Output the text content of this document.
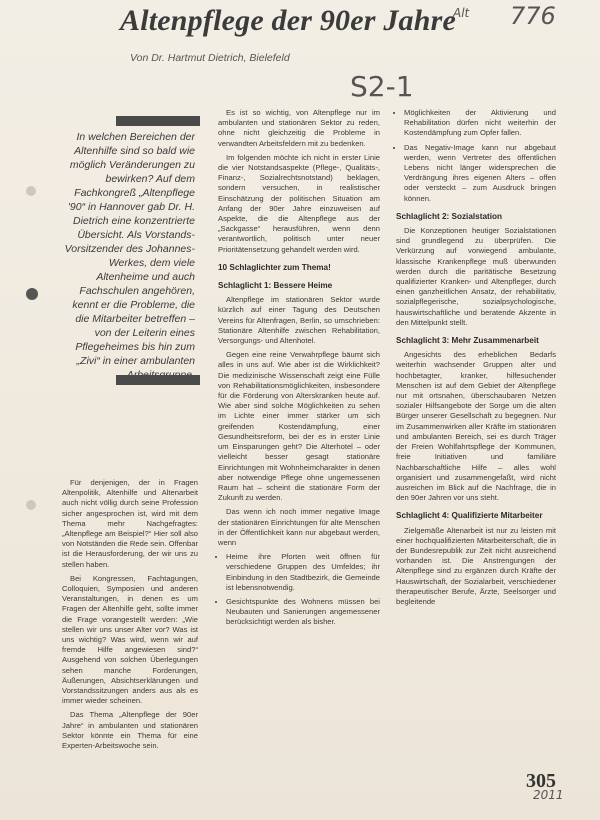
Altenpflege der 90er Jahre
Von Dr. Hartmut Dietrich, Bielefeld
Alt 776
S2-1
In welchen Bereichen der Altenhilfe sind so bald wie möglich Veränderungen zu bewirken? Auf dem Fachkongreß „Altenpflege '90“ in Hannover gab Dr. H. Dietrich eine konzentrierte Übersicht. Als Vorstands-Vorsitzender des Johannes-Werkes, dem viele Altenheime und auch Fachschulen angehören, kennt er die Probleme, die die Mitarbeiter betreffen – von der Leiterin eines Pflegeheimes bis hin zum „Zivi“ in einer ambulanten

Für denjenigen, der in Fragen Altenpolitik, Altenhilfe und Altenarbeit auch nicht völlig durch seine Profession sicher angesprochen ist, wird mit dem Thema mehr Nachgefragtes: „Altenpflege am Beispiel?“ Hier soll also von Notständen die Rede sein. Offenbar ist die Herausforderung, der wir uns zu stellen haben.

Bei Kongressen, Fachtagungen, Colloquien, Symposien und anderen Veranstaltungen, in denen es um Fragen der Altenhilfe geht, sollte immer die Frage vorangestellt werden: „Wie stellen wir uns unser Alter vor? Was ist uns wichtig? Was wird, wenn wir auf fremde Hilfe angewiesen sind?“ Ausgehend von solchen Überlegungen sehen manche Forderungen, Äußerungen, Absichtserklärungen und Vorstandssitzungen anders aus als es immer wieder scheinen.

Das Thema „Altenpflege der 90er Jahre“ in ambulanten und stationären Sektor könnte ein Thema für eine Experten-Arbeitswoche sein.

Es ist so wichtig, von Altenpflege nur im ambulanten und stationären Sektor zu reden, ohne nicht gleichzeitig die Probleme in verwandten Arbeitsfeldern mit zu bedenken.

Im folgenden möchte ich nicht in erster Linie die vier Notstandsaspekte (Pflege-, Qualitäts-, Finanz-, Sozialrechtsnotstand) beklagen, sondern versuchen, in realistischer Einschätzung der politischen Situation am Anfang der 90er Jahre einzuweisen auf Aspekte, die die Altenpflege aus der „Sackgasse“ herausführen, wenn denn verantwortlich, politisch unter neuer Prioritätensetzung gehandelt werden wird.

10 Schlaglichter zum Thema!
Schlaglicht 1: Bessere Heime

Altenpflege im stationären Sektor wurde kürzlich auf einer Tagung des Deutschen Vereins für Altenfragen, Berlin, so umschrieben: Stationäre Altenhilfe zwischen Rehabilitation, Versorgungs- und Altenhotel.

Gegen eine reine Verwahrpflege bäumt sich alles in uns auf. Wie aber ist die Wirklichkeit? Die medizinische Wissenschaft zeigt eine Fülle von Rehabilitationsmöglichkeiten, insbesondere für die Förderung von Alterskranken heute auf. Wie aber sind solche Möglichkeiten zu sehen im Lichte einer immer stärker um sich greifenden Kostendämpfung, einer Gesundheitsreform, bei der es in erster Linie um Einsparungen geht? Die Alterhotel – oder vielleicht besser gesagt stationäre Einrichtungen mit Wohnheimcharakter in denen aber notwendige Pflege ohne ungemessenen Raum hat – scheint die stationäre Form der Zukunft zu werden.

Das wenn ich noch immer negative Image der stationären Einrichtungen für alte Menschen in der Öffentlichkeit kann nur abgebaut werden, wenn

• Heime ihre Pforten weit öffnen für verschiedene Gruppen des Umfeldes; ihr Einbindung in den Stadtbezirk, die Gemeinde ist lebensnotwendig.
• Gesichtspunkte des Wohnens müssen bei Neubauten und Sanierungen angemessener berücksichtigt werden als bisher.
• Möglichkeiten der Aktivierung und Rehabilitation dürfen nicht weiterhin der Kostendämpfung zum Opfer fallen.
• Das Negativ-Image kann nur abgebaut werden, wenn Vertreter des öffentlichen Lebens nicht länger widersprechen die Verdrängung ihres eigenen Alters – offen oder versteckt – zum Ausdruck bringen können.
Schlaglicht 2: Sozialstation

Die Konzeptionen heutiger Sozialstationen sind grundlegend zu überprüfen. Die Verkürzung auf vorwiegend ambulante, klassische Krankenpflege muß überwunden werden durch die paritätische Besetzung qualifizierter Kranken- und Altenpfleger, durch einen ganzheitlichen Ansatz, der rehabilitativ, sozialpflegerische, sozialpsychologische, hauswirtschaftliche und beratende Akzente in den Mittelpunkt stellt.

Schlaglicht 3: Mehr Zusammenarbeit

Angesichts des erheblichen Bedarfs weiterhin wachsender Gruppen alter und hochbetagter, kranker, hilfesuchender Menschen ist auf dem Gebiet der Altenpflege nur mit ortsnahen, überschaubaren Netzen sozialer Hilfsangebote der Sorge um die alten Bürger unserer Gesellschaft zu begegnen. Nur im Zusammenwirken aller Kräfte im stationären und ambulanten Bereich, sei es durch Träger der Freien Wohlfahrtspflege der Kommunen, freie Initiativen und familiäre Nachbarschaftliche Hilfe – alles wohl organisiert und zusammengefaßt, wird nicht ausreichen im Blick auf die Nachfrage, die in den 90er Jahren vor uns steht.

Schlaglicht 4: Qualifizierte Mitarbeiter

Zielgemäße Altenarbeit ist nur zu leisten mit einer hochqualifizierten Mitarbeiterschaft, die in der Bundesrepublik zur Zeit nicht ausreichend vorhanden ist. Die Anstrengungen der Altenpflege sind zu ergänzen durch Kräfte der Hauswirtschaft, der Sozialarbeit, verschiedener therapeutischer Berufe, Ärzte, Seelsorger und begleitende

305
2011
